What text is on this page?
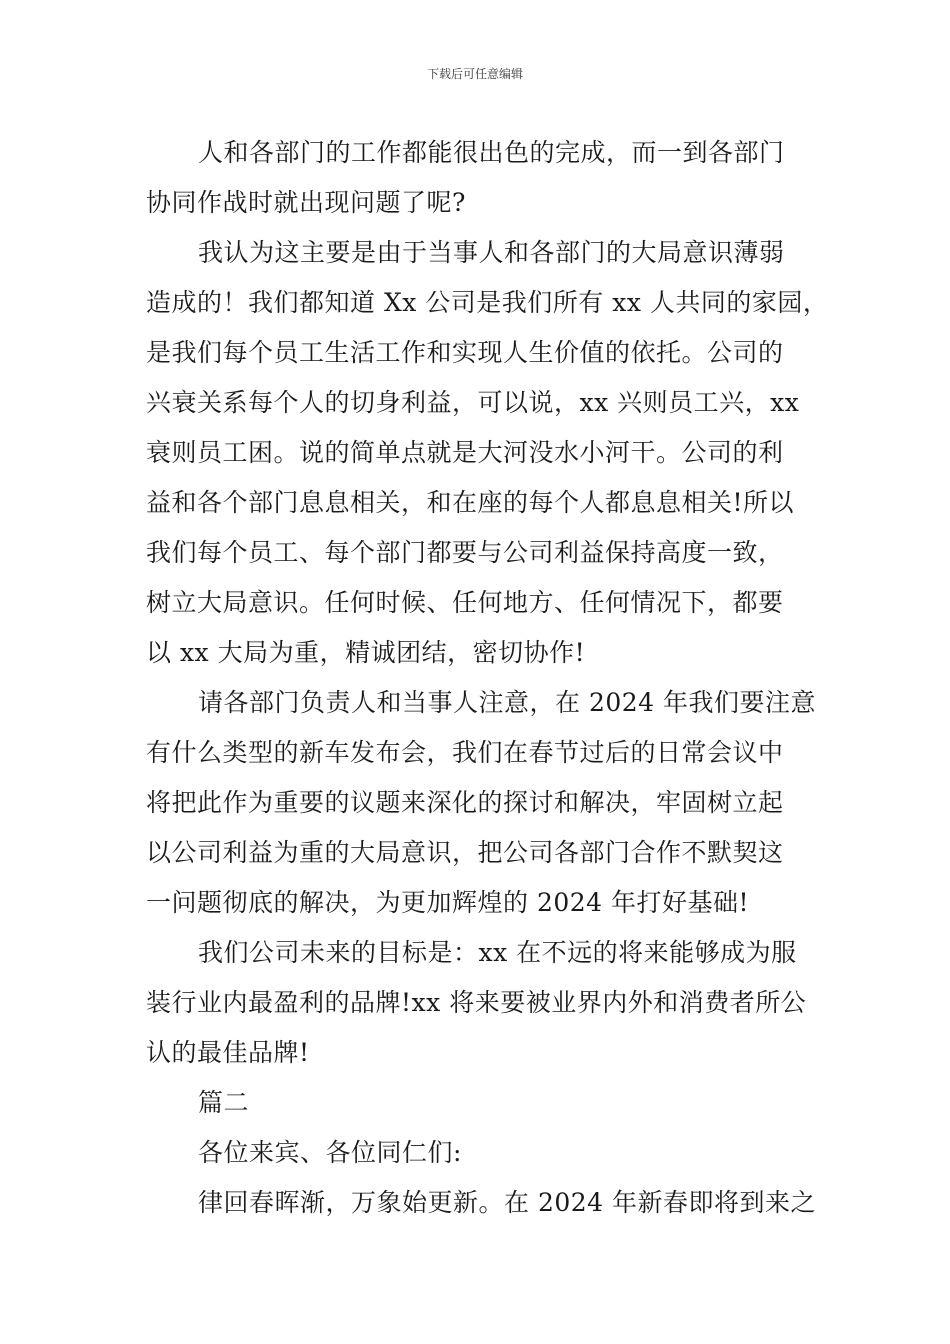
下载后可任意编辑
人和各部门的工作都能很出色的完成，而一到各部门
协同作战时就出现问题了呢?
我认为这主要是由于当事人和各部门的大局意识薄弱
造成的！我们都知道 Xx 公司是我们所有 xx 人共同的家园，
是我们每个员工生活工作和实现人生价值的依托。公司的
兴衰关系每个人的切身利益，可以说，xx 兴则员工兴，xx
衰则员工困。说的简单点就是大河没水小河干。公司的利
益和各个部门息息相关，和在座的每个人都息息相关!所以
我们每个员工、每个部门都要与公司利益保持高度一致，
树立大局意识。任何时候、任何地方、任何情况下，都要
以 xx 大局为重，精诚团结，密切协作!
请各部门负责人和当事人注意，在 2024 年我们要注意
有什么类型的新车发布会，我们在春节过后的日常会议中
将把此作为重要的议题来深化的探讨和解决，牢固树立起
以公司利益为重的大局意识，把公司各部门合作不默契这
一问题彻底的解决，为更加辉煌的 2024 年打好基础!
我们公司未来的目标是：xx 在不远的将来能够成为服
装行业内最盈利的品牌!xx 将来要被业界内外和消费者所公
认的最佳品牌!
篇二
各位来宾、各位同仁们:
律回春晖渐，万象始更新。在 2024 年新春即将到来之
